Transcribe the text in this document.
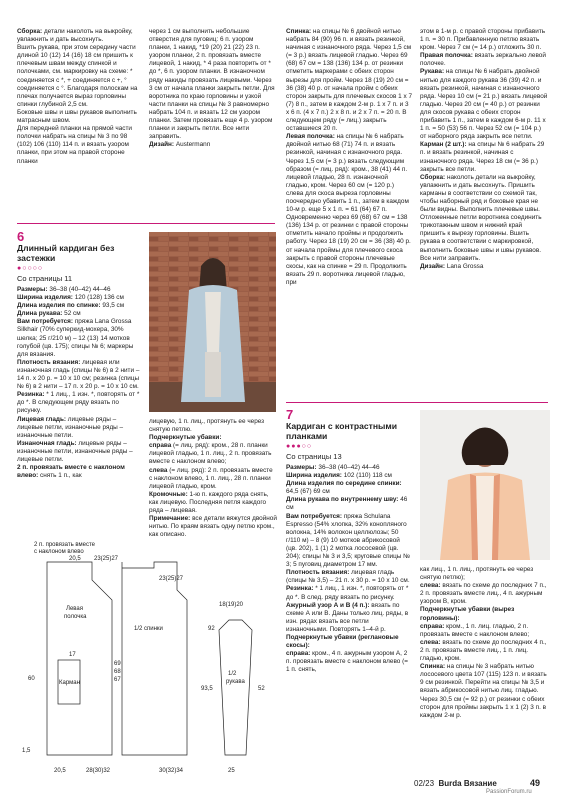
Сборка: детали наколоть на выкройку, увлажнить и дать высохнуть.

Вшить рукава, при этом середину части длиной 10 (12) 14 (16) 18 см пришить к плечевым швам между спинкой и полочками, см. маркировку на схеме: * соединяется с *, + соединяется с +, ° соединяется с °. Благодаря полоскам на плечах получается выраз горловины спинки глубиной 2,5 см.

Боковые швы и швы рукавов выполнить матрасным швом.

Для передней планки на прямой части полочки набрать на спицы № 3 по 98 (102) 106 (110) 114 п. и вязать узором планки, при этом на правой стороне планки

через 1 см выполнить небольшие отверстия для пуговиц: 6 п. узором планки, 1 накид, *19 (20) 21 (22) 23 п. узором планки, 2 п. провязать вместе лицевой, 1 накид, * 4 раза повторить от * до *, 6 п. узором планки. В изнаночном ряду накиды провязать лицевыми. Через 3 см от начала планки закрыть петли. Для воротника по краю горловины и узкой части планки на спицы № 3 равномерно набрать 104 п. и вязать 12 см узором планки. Затем провязать еще 4 р. узором планки и закрыть петли. Все нити заправить.

Дизайн: Austermann

Спинка: на спицы № 6 двойной нитью набрать 84 (90) 96 п. и вязать резинкой, начиная с изнаночного ряда. Через 1,5 см (= 3 р.) вязать лицевой гладью. Через 69 (68) 67 см = 138 (136) 134 р. от резинки отметить маркерами с обеих сторон вырезы для пройм. Через 18 (19) 20 см = 36 (38) 40 р. от начала пройм с обеих сторон закрыть для плечевых скосов 1 х 7 (7) 8 п., затем в каждом 2-м р. 1 х 7 п. и 3 х 6 п. (4 х 7 п.) 2 х 8 п. и 2 х 7 п. = 20 п. В следующем ряду (= лиц.) закрыть оставшиеся 20 п.

Левая полочка: на спицы № 6 набрать двойной нитью 68 (71) 74 п. и вязать резинкой, начиная с изнаночного ряда. Через 1,5 см (= 3 р.) вязать следующим образом (= лиц. ряд): кром., 38 (41) 44 п. лицевой гладью, 28 п. изнаночной гладью, кром. Через 60 см (= 120 р.) слева для скоса выреза горловины поочередно убавить 1 п., затем в каждом 10-м р. еще 5 х 1 п. = 61 (64) 67 п. Одновременно через 69 (68) 67 см = 138 (136) 134 р. от резинки с правой стороны отметить начало проймы и продолжить работу. Через 18 (19) 20 см = 36 (38) 40 р. от начала проймы для плечевого скоса закрыть с правой стороны плечевые скосы, как на спинке = 29 п. Продолжить вязать 29 п. воротника лицевой гладью, при

этом в 1-м р. с правой стороны прибавить 1 п. = 30 п. Прибавленную петлю вязать кром. Через 7 см (= 14 р.) отложить 30 п.

Правая полочка: вязать зеркально левой полочке.

Рукава: на спицы № 6 набрать двойной нитью для каждого рукава 36 (39) 42 п. и вязать резинкой, начиная с изнаночного ряда. Через 10 см (= 21 р.) вязать лицевой гладью. Через 20 см (= 40 р.) от резинки для скосов рукава с обеих сторон прибавить 1 п., затем в каждом 6-м р. 11 х 1 п. = 50 (53) 56 п. Через 52 см (= 104 р.) от наборного ряда закрыть все петли.

Карман (2 шт.): на спицы № 6 набрать 29 п. и вязать резинкой, начиная с изнаночного ряда. Через 18 см (= 36 р.) закрыть все петли.

Сборка: наколоть детали на выкройку, увлажнить и дать высохнуть. Пришить карманы в соответствии со схемой так, чтобы наборный ряд и боковые края не были видны. Выполнить плечевые швы. Отложенные петли воротника соединить трикотажным швом и нижний край пришить к вырезу горловины. Вшить рукава в соответствии с маркировкой, выполнить боковые швы и швы рукавов. Все нити заправить.

Дизайн: Lana Grossa

6
Длинный кардиган без застежки
●○○○○
Со страницы 11

Размеры: 36–38 (40–42) 44–46

Ширина изделия: 120 (128) 136 см

Длина изделия по спинке: 93,5 см

Длина рукава: 52 см

Вам потребуется: пряжа Lana Grossa Silkhair (70% суперкид-мохера, 30% шелка; 25 г/210 м) – 12 (13) 14 мотков голубой (цв. 175); спицы № 6; маркеры для вязания.

Плотность вязания: лицевая или изнаночная гладь (спицы № 6) в 2 нити – 14 п. x 20 р. = 10 x 10 см; резинка (спицы № 6) в 2 нити – 17 п. x 20 р. = 10 x 10 см.

Резинка: * 1 лиц., 1 изн. *, повторять от * до *. В следующем ряду вязать по рисунку.

Лицевая гладь: лицевые ряды – лицевые петли, изнаночные ряды – изнаночные петли.

Изнаночная гладь: лицевые ряды – изнаночные петли, изнаночные ряды – лицевые петли.

2 п. провязать вместе с наклоном влево: снять 1 п., как

лицевую, 1 п. лиц., протянуть ее через снятую петлю.

Подчеркнутые убавки:

справа (= лиц. ряд): кром., 28 п. планки лицевой гладью, 1 п. лиц., 2 п. провязать вместе с наклоном влево;

слева (= лиц. ряд): 2 п. провязать вместе с наклоном влево, 1 п. лиц., 28 п. планки лицевой гладью, кром.

Кромочные: 1-ю п. каждого ряда снять, как лицевую. Последняя петля каждого ряда – лицевая.

Примечание: все детали вяжутся двойной нитью. По краям вязать одну петлю кром., как описано.

7
Кардиган с контрастными планками
●●●○○
Со страницы 13

Размеры: 36–38 (40–42) 44–46

Ширина изделия: 102 (110) 118 см

Длина изделия по середине спинки: 64,5 (67) 69 см

Длина рукава по внутреннему шву: 46 см

Вам потребуется: пряжа Schulana Espresso (54% хлопка, 32% конопляного волокна, 14% волокон целлюлозы; 50 г/110 м) – 8 (9) 10 мотков абрикосовой (цв. 202), 1 (1) 2 мотка лососевой (цв. 204); спицы № 3 и 3,5; круговые спицы № 3; 5 пуговиц диаметром 17 мм.

Плотность вязания: лицевая гладь (спицы № 3,5) – 21 п. x 30 р. = 10 x 10 см.

Резинка: * 1 лиц., 1 изн. *, повторять от * до *. В след. ряду вязать по рисунку.

Ажурный узор А и В (4 п.): вязать по схеме А или В. Даны только лиц. ряды, в изн. рядах вязать все петли изнаночными. Повторять 1–4-й р.

Подчеркнутые убавки (реглановые скосы):

справа: кром., 4 п. ажурным узором А, 2 п. провязать вместе с наклоном влево (= 1 п. снять,

как лиц., 1 п. лиц., протянуть ее через снятую петлю);

слева: вязать по схеме до последних 7 п., 2 п. провязать вместе лиц., 4 п. ажурным узором В, кром.

Подчеркнутые убавки (вырез горловины):

справа: кром., 1 п. лиц. гладью, 2 п. провязать вместе с наклоном влево;

слева: вязать по схеме до последних 4 п., 2 п. провязать вместе лиц., 1 п. лиц. гладью, кром.

Спинка: на спицы № 3 набрать нитью лососевого цвета 107 (115) 123 п. и вязать 9 см резинкой. Перейти на спицы № 3,5 и вязать абрикосовой нитью лиц. гладью. Через 30,5 см (= 92 р.) от резинки с обеих сторон для проймы закрыть 1 х 1 (2) 3 п. в каждом 2-м р.

2 п. провязать вместе
с наклоном влево
20,5 23(25)27
23(25)27
Левая
полочка
Карман
1/2 спинки
1/2
рукава
60
17
93,5	52
92
69
68
67
20,5	28(30)32	30(32)34
18(19)20
25
1,5
02/23 Burda Вязание	49
PassionForum.ru
